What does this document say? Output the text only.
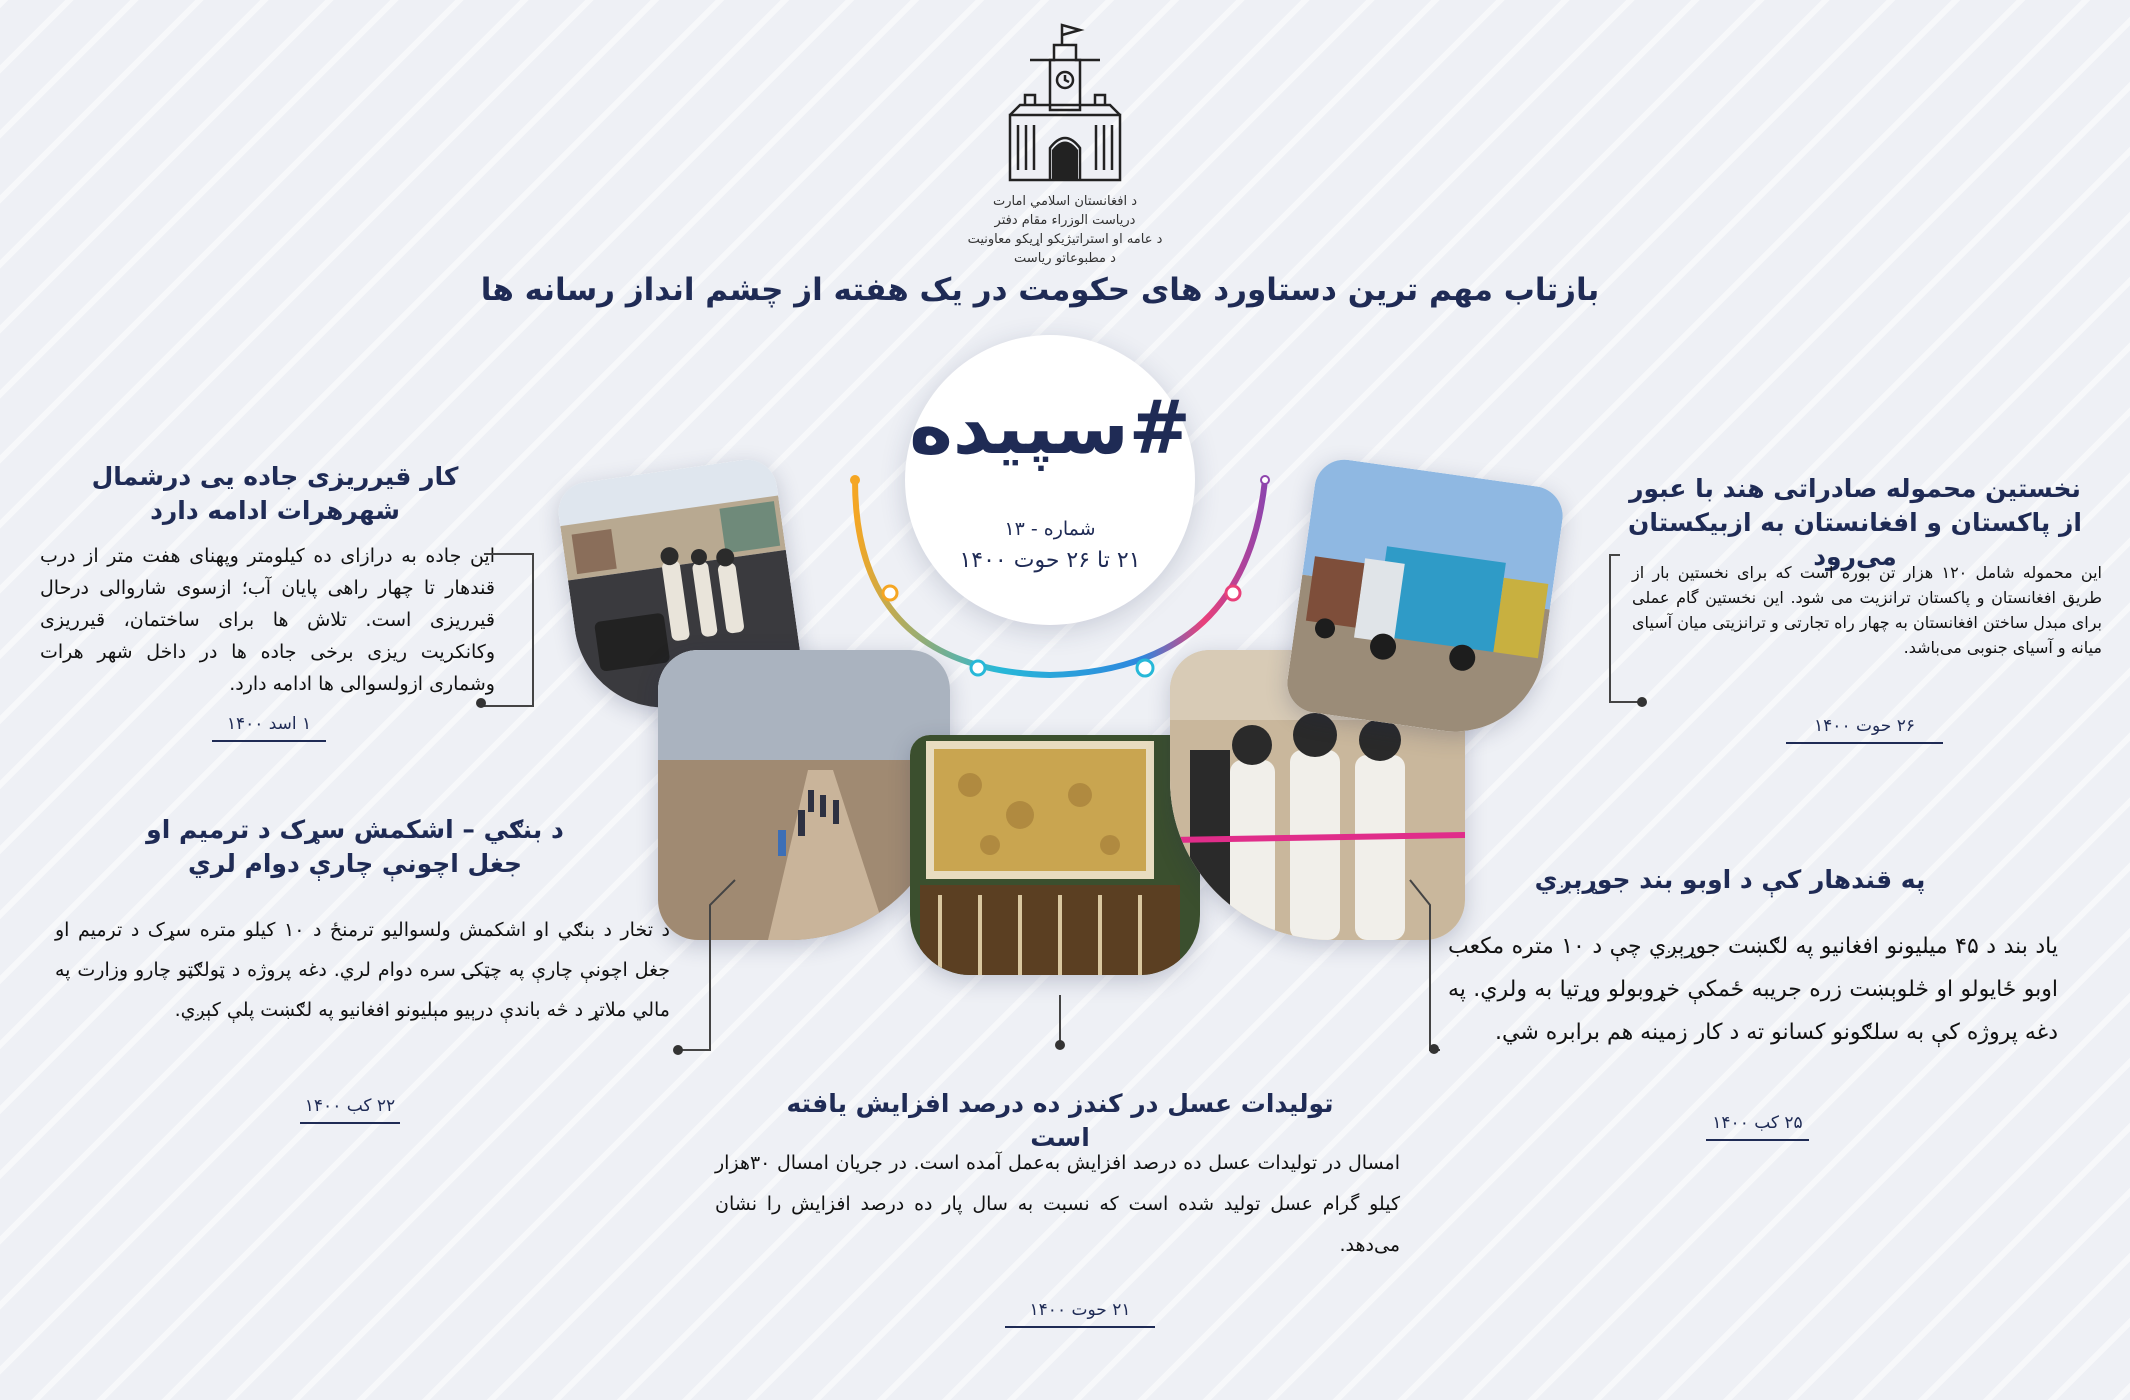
د افغانستان اسلامي امارت
دریاست الوزراء مقام دفتر
د عامه او استراتیژیکو اړیکو معاونیت
د مطبوعاتو ریاست
بازتاب مهم ترین دستاورد های حکومت در یک هفته از چشم انداز رسانه ها
#سپیده
شماره - ۱۳
۲۱ تا ۲۶ حوت ۱۴۰۰
کار قیرریزی جاده یی درشمال شهرهرات ادامه دارد
این جاده به درازای ده کیلومتر وپهنای هفت متر از درب قندهار تا چهار راهی پایان آب؛ ازسوی شاروالی درحال قیرریزی است. تلاش ها برای ساختمان، قیرریزی وکانکریت ریزی برخی جاده ها در داخل شهر هرات وشماری ازولسوالی ها ادامه دارد.
۱ اسد ۱۴۰۰
د بنګي – اشکمش سړک د ترمیم او جغل اچونې چارې دوام لري
د تخار د بنګي او اشکمش ولسوالیو ترمنځ د ۱۰ کیلو متره سړک د ترمیم او جغل اچونې چارې په چټکۍ سره دوام لري. دغه پروژه د ټولګټو چارو وزارت په مالي ملاتړ د څه باندې درېیو مېلیونو افغانیو په لګښت پلې کېږي.
۲۲ کب ۱۴۰۰	تولیدات عسل در کندز ده درصد افزایش یافته است
امسال در تولیدات عسل ده درصد افزایش به‌عمل آمده است. در جریان امسال ۳۰هزار کیلو گرام عسل تولید شده است که نسبت به سال پار ده درصد افزایش را نشان می‌دهد.
۲۱ حوت ۱۴۰۰
په قندهار کې د اوبو بند جوړېږي
یاد بند د ۴۵ میلیونو افغانیو په لګښت جوړېږي چې د ۱۰ متره مکعب اوبو ځایولو او څلوېښت زره جریبه ځمکې خړوبولو وړتیا به ولري. په دغه پروژه کې به سلګونو کسانو ته د کار زمینه هم برابره شي.
۲۵ کب ۱۴۰۰
نخستین محموله صادراتی هند با عبور از پاکستان و افغانستان به ازبیکستان می‌رود
این محموله شامل ۱۲۰ هزار تن بوره است که برای نخستین بار از طریق افغانستان و پاکستان ترانزیت می شود. این نخستین گام عملی برای مبدل ساختن افغانستان به چهار راه تجارتی و ترانزیتی میان آسیای میانه و آسیای جنوبی می‌باشد.
۲۶ حوت ۱۴۰۰
